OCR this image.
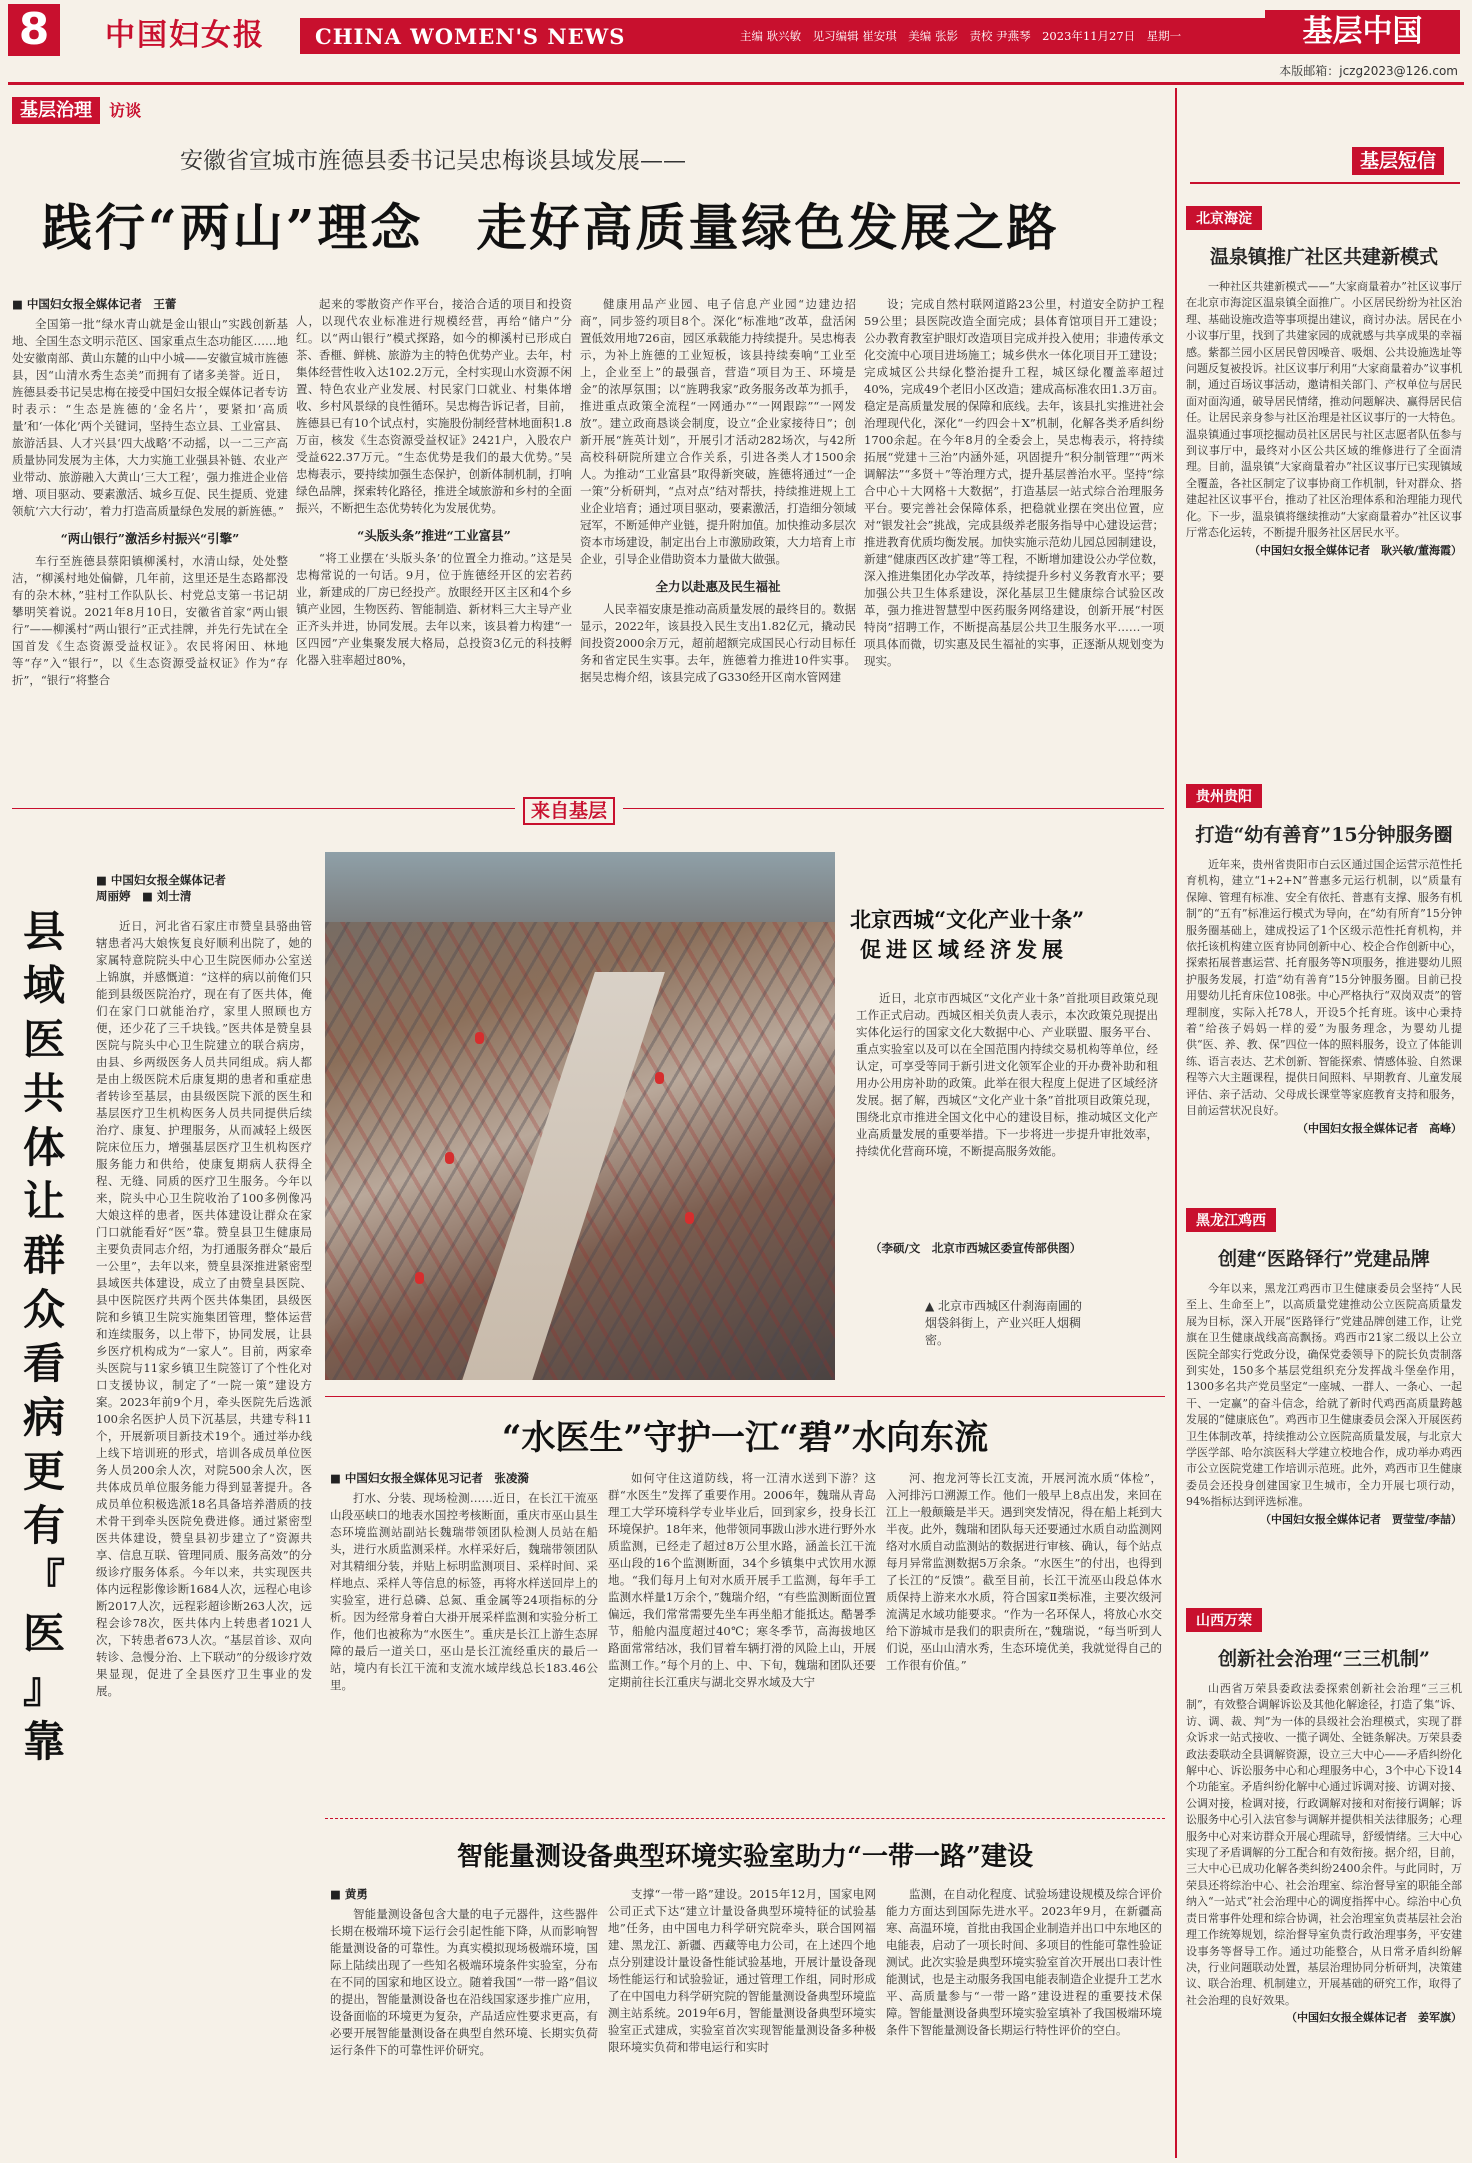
8	中国妇女报 CHINA WOMEN'S NEWS	主编 耿兴敏　见习编辑 崔安琪　美编 张影　责校 尹燕琴　2023年11月27日　星期一	基层中国
本版邮箱：jczg2023@126.com
基层治理 访谈
安徽省宣城市旌德县委书记吴忠梅谈县域发展——
践行“两山”理念　走好高质量绿色发展之路
■ 中国妇女报全媒体记者　王蕾

全国第一批“绿水青山就是金山银山”实践创新基地、全国生态文明示范区、国家重点生态功能区……地处安徽南部、黄山东麓的山中小城——安徽宣城市旌德县，因“山清水秀生态美”而拥有了诸多美誉。近日，旌德县委书记吴忠梅在接受中国妇女报全媒体记者专访时表示：“生态是旌德的‘金名片’，要紧扣‘高质量’和‘一体化’两个关键词，坚持生态立县、工业富县、旅游活县、人才兴县‘四大战略’不动摇，以一二三产高质量协同发展为主体，大力实施工业强县补链、农业产业带动、旅游融入大黄山‘三大工程’，强力推进企业倍增、项目驱动、要素激活、城乡互促、民生提质、党建领航‘六大行动’，着力打造高质量绿色发展的新旌德。”

“两山银行”激活乡村振兴“引擎”

车行至旌德县蔡阳镇柳溪村，水清山绿，处处整洁，“柳溪村地处偏僻，几年前，这里还是生态路都没有的杂木林，”驻村工作队队长、村党总支第一书记胡攀明笑着说。2021年8月10日，安徽省首家“两山银行”——柳溪村“两山银行”正式挂牌，并先行先试在全国首发《生态资源受益权证》。农民将闲田、林地等“存”入“银行”，以《生态资源受益权证》作为“存折”，“银行”将整合

起来的零散资产作平台，接洽合适的项目和投资人，以现代农业标准进行规模经营，再给“储户”分红。以“两山银行”模式探路，如今的柳溪村已形成白茶、香榧、鲜桃、旅游为主的特色优势产业。去年，村集体经营性收入达102.2万元，全村实现山水资源不闲置、特色农业产业发展、村民家门口就业、村集体增收、乡村风景绿的良性循环。吴忠梅告诉记者，目前，旌德县已有10个试点村，实施股份制经营林地面积1.8万亩，核发《生态资源受益权证》2421户，入股农户受益622.37万元。“生态优势是我们的最大优势。”吴忠梅表示，要持续加强生态保护，创新体制机制，打响绿色品牌，探索转化路径，推进全域旅游和乡村的全面振兴，不断把生态优势转化为发展优势。

“头版头条”推进“工业富县”

“将工业摆在‘头版头条’的位置全力推动。”这是吴忠梅常说的一句话。9月，位于旌德经开区的宏若药业，新建成的厂房已经投产。放眼经开区主区和4个乡镇产业园，生物医药、智能制造、新材料三大主导产业正齐头并进，协同发展。去年以来，该县着力构建“一区四园”产业集聚发展大格局，总投资3亿元的科技孵化器入驻率超过80%，

健康用品产业园、电子信息产业园“边建边招商”，同步签约项目8个。深化“标准地”改革，盘活闲置低效用地726亩，园区承载能力持续提升。吴忠梅表示，为补上旌德的工业短板，该县持续奏响“工业至上，企业至上”的最强音，营造“项目为王、环境是金”的浓厚氛围；以“旌聘我家”政务服务改革为抓手，推进重点政策全流程“一网通办”“一网跟踪”“一网发放”。建立政商恳谈会制度，设立“企业家接待日”；创新开展“旌英计划”，开展引才活动282场次，与42所高校科研院所建立合作关系，引进各类人才1500余人。为推动“工业富县”取得新突破，旌德将通过“一企一策”分析研判，“点对点”结对帮扶，持续推进规上工业企业培育；通过项目驱动，要素激活，打造细分领域冠军，不断延伸产业链，提升附加值。加快推动多层次资本市场建设，制定出台上市激励政策，大力培育上市企业，引导企业借助资本力量做大做强。

全力以赴惠及民生福祉

人民幸福安康是推动高质量发展的最终目的。数据显示，2022年，该县投入民生支出1.82亿元，撬动民间投资2000余万元，超前超额完成国民心行动目标任务和省定民生实事。去年，旌德着力推进10件实事。据吴忠梅介绍，该县完成了G330经开区南水管网建

设；完成自然村联网道路23公里，村道安全防护工程59公里；县医院改造全面完成；县体育馆项目开工建设；公办教育教室护眼灯改造项目完成并投入使用；非遗传承文化交流中心项目进场施工；城乡供水一体化项目开工建设；完成城区公共绿化整治提升工程，城区绿化覆盖率超过40%，完成49个老旧小区改造；建成高标准农田1.3万亩。稳定是高质量发展的保障和底线。去年，该县扎实推进社会治理现代化，深化“一约四会＋X”机制，化解各类矛盾纠纷1700余起。在今年8月的全委会上，吴忠梅表示，将持续拓展“党建＋三治”内涵外延，巩固提升“积分制管理”“两米调解法”“多贤＋”等治理方式，提升基层善治水平。坚持“综合中心＋大网格＋大数据”，打造基层一站式综合治理服务平台。要完善社会保障体系，把稳就业摆在突出位置，应对“银发社会”挑战，完成县级养老服务指导中心建设运营；推进教育优质均衡发展。加快实施示范幼儿园总园制建设，新建“健康西区改扩建”等工程，不断增加建设公办学位数，深入推进集团化办学改革，持续提升乡村义务教育水平；要加强公共卫生体系建设，深化基层卫生健康综合试验区改革，强力推进智慧型中医药服务网络建设，创新开展“村医特岗”招聘工作，不断提高基层公共卫生服务水平……一项项具体而微，切实惠及民生福祉的实事，正逐渐从规划变为现实。

来自基层
县
域
医
共
体
让
群
众
看
病
更
有
『
医
』
靠
■ 中国妇女报全媒体记者　周丽婷　■ 刘士清

近日，河北省石家庄市赞皇县骆曲管辖患者冯大娘恢复良好顺利出院了，她的家属特意院院头中心卫生院医师办公室送上锦旗，并感慨道：“这样的病以前俺们只能到县级医院治疗，现在有了医共体，俺们在家门口就能治疗，家里人照顾也方便，还少花了三千块钱。”医共体是赞皇县医院与院头中心卫生院建立的联合病房，由县、乡两级医务人员共同组成。病人都是由上级医院术后康复期的患者和重症患者转诊至基层，由县级医院下派的医生和基层医疗卫生机构医务人员共同提供后续治疗、康复、护理服务，从而减轻上级医院床位压力，增强基层医疗卫生机构医疗服务能力和供给，使康复期病人获得全程、无缝、同质的医疗卫生服务。今年以来，院头中心卫生院收治了100多例像冯大娘这样的患者，医共体建设让群众在家门口就能看好“医”靠。赞皇县卫生健康局主要负责同志介绍，为打通服务群众“最后一公里”，去年以来，赞皇县深推进紧密型县域医共体建设，成立了由赞皇县医院、县中医院医疗共两个医共体集团，县级医院和乡镇卫生院实施集团管理，整体运营和连续服务，以上带下，协同发展，让县乡医疗机构成为“一家人”。目前，两家牵头医院与11家乡镇卫生院签订了个性化对口支援协议，制定了“一院一策”建设方案。2023年前9个月，牵头医院先后选派100余名医护人员下沉基层，共建专科11个，开展新项目新技术19个。通过举办线上线下培训班的形式，培训各成员单位医务人员200余人次，对院500余人次，医共体成员单位服务能力得到显著提升。各成员单位积极选派18名具备培养潜质的技术骨干到牵头医院免费进修。通过紧密型医共体建设，赞皇县初步建立了“资源共享、信息互联、管理同质、服务高效”的分级诊疗服务体系。今年以来，共实现医共体内远程影像诊断1684人次，远程心电诊断2017人次，远程彩超诊断263人次，远程会诊78次，医共体内上转患者1021人次，下转患者673人次。“基层首诊、双向转诊、急慢分治、上下联动”的分级诊疗效果显现，促进了全县医疗卫生事业的发展。

北京西城“文化产业十条”
促进区域经济发展

近日，北京市西城区“文化产业十条”首批项目政策兑现工作正式启动。西城区相关负责人表示，本次政策兑现提出实体化运行的国家文化大数据中心、产业联盟、服务平台、重点实验室以及可以在全国范围内持续交易机构等单位，经认定，可享受等同于新引进文化领军企业的开办费补助和租用办公用房补助的政策。此举在很大程度上促进了区域经济发展。据了解，西城区“文化产业十条”首批项目政策兑现，围绕北京市推进全国文化中心的建设目标，推动城区文化产业高质量发展的重要举措。下一步将进一步提升审批效率，持续优化营商环境，不断提高服务效能。

（李硕/文　北京市西城区委宣传部供图）
▲ 北京市西城区什刹海南圃的烟袋斜街上，产业兴旺人烟稠密。
“水医生”守护一江“碧”水向东流
■ 中国妇女报全媒体见习记者　张凌漪

打水、分装、现场检测……近日，在长江干流巫山段巫峡口的地表水国控考核断面，重庆市巫山县生态环境监测站副站长魏瑞带领团队检测人员站在船头，进行水质监测采样。水样采好后，魏瑞带领团队对其精细分装，并贴上标明监测项目、采样时间、采样地点、采样人等信息的标签，再将水样送回岸上的实验室，进行总磷、总氮、重金属等24项指标的分析。因为经常身着白大褂开展采样监测和实验分析工作，他们也被称为“水医生”。重庆是长江上游生态屏障的最后一道关口，巫山是长江流经重庆的最后一站，境内有长江干流和支流水域岸线总长183.46公里。

如何守住这道防线，将一江清水送到下游？这群“水医生”发挥了重要作用。2006年，魏瑞从青岛理工大学环境科学专业毕业后，回到家乡，投身长江环境保护。18年来，他带领同事跋山涉水进行野外水质监测，已经走了超过8万公里水路，涵盖长江干流巫山段的16个监测断面，34个乡镇集中式饮用水源地。“我们每月上旬对水质开展手工监测，每年手工监测水样量1万余个，”魏瑞介绍，“有些监测断面位置偏远，我们常常需要先坐车再坐船才能抵达。酷暑季节，船舱内温度超过40℃；寒冬季节，高海拔地区路面常常结冰，我们冒着车辆打滑的风险上山，开展监测工作。”每个月的上、中、下旬，魏瑞和团队还要定期前往长江重庆与湖北交界水域及大宁

河、抱龙河等长江支流，开展河流水质“体检”，入河排污口溯源工作。他们一般早上8点出发，来回在江上一般颠簸是半天。遇到突发情况，得在船上耗到大半夜。此外，魏瑞和团队每天还要通过水质自动监测网络对水质自动监测站的数据进行审核、确认，每个站点每月异常监测数据5万余条。“水医生”的付出，也得到了长江的“反馈”。截至目前，长江干流巫山段总体水质保持上游来水水质，符合国家Ⅱ类标准，主要次级河流满足水域功能要求。“作为一名环保人，将放心水交给下游城市是我们的职责所在，”魏瑞说，“每当听到人们说，巫山山清水秀，生态环境优美，我就觉得自己的工作很有价值。”

智能量测设备典型环境实验室助力“一带一路”建设
■ 黄勇

智能量测设备包含大量的电子元器件，这些器件长期在极端环境下运行会引起性能下降，从而影响智能量测设备的可靠性。为真实模拟现场极端环境，国际上陆续出现了一些知名极端环境条件实验室，分布在不同的国家和地区设立。随着我国“一带一路”倡议的提出，智能量测设备也在沿线国家逐步推广应用，设备面临的环境更为复杂，产品适应性要求更高，有必要开展智能量测设备在典型自然环境、长期实负荷运行条件下的可靠性评价研究。

支撑“一带一路”建设。2015年12月，国家电网公司正式下达“建立计量设备典型环境特征的试验基地”任务，由中国电力科学研究院牵头，联合国网福建、黑龙江、新疆、西藏等电力公司，在上述四个地点分别建设计量设备性能试验基地，开展计量设备现场性能运行和试验验证，通过管理工作组，同时形成了在中国电力科学研究院的智能量测设备典型环境监测主站系统。2019年6月，智能量测设备典型环境实验室正式建成，实验室首次实现智能量测设备多种极限环境实负荷和带电运行和实时

监测，在自动化程度、试验场建设规模及综合评价能力方面达到国际先进水平。2023年9月，在新疆高寒、高温环境，首批由我国企业制造并出口中东地区的电能表，启动了一项长时间、多项目的性能可靠性验证测试。此次实验是典型环境实验室首次开展出口表计性能测试，也是主动服务我国电能表制造企业提升工艺水平、高质量参与“一带一路”建设进程的重要技术保障。智能量测设备典型环境实验室填补了我国极端环境条件下智能量测设备长期运行特性评价的空白。

基层短信
北京海淀
温泉镇推广社区共建新模式

一种社区共建新模式——“大家商量着办”社区议事厅在北京市海淀区温泉镇全面推广。小区居民纷纷为社区治理、基础设施改造等事项提出建议，商讨办法。居民在小小议事厅里，找到了共建家园的成就感与共享成果的幸福感。紫都兰园小区居民曾因噪音、吸烟、公共设施选址等问题反复被投诉。社区议事厅利用“大家商量着办”议事机制，通过百场议事活动，邀请相关部门、产权单位与居民面对面沟通，破导居民情绪，推动问题解决、赢得居民信任。让居民亲身参与社区治理是社区议事厅的一大特色。温泉镇通过事项挖掘动员社区居民与社区志愿者队伍参与到议事厅中，最终对小区公共区域的维修进行了全面清理。目前，温泉镇“大家商量着办”社区议事厅已实现镇域全覆盖，各社区制定了议事协商工作机制，针对群众、搭建起社区议事平台，推动了社区治理体系和治理能力现代化。下一步，温泉镇将继续推动“大家商量着办”社区议事厅常态化运转，不断提升服务社区居民水平。

（中国妇女报全媒体记者　耿兴敏/董海霞）
贵州贵阳
打造“幼有善育”15分钟服务圈

近年来，贵州省贵阳市白云区通过国企运营示范性托育机构，建立“1+2+N”普惠多元运行机制，以“质量有保障、管理有标准、安全有依托、普惠有支撑、服务有机制”的“五有”标准运行模式为导向，在“幼有所育”15分钟服务圈基础上，建成投运了1个区级示范性托育机构，并依托该机构建立医育协同创新中心、校企合作创新中心，探索拓展普惠运营、托育服务等N项服务，推进婴幼儿照护服务发展，打造“幼有善育”15分钟服务圈。目前已投用婴幼儿托育床位108张。中心严格执行“双岗双责”的管理制度，实际入托78人，开设5个托育班。该中心秉持着“给孩子妈妈一样的爱”为服务理念，为婴幼儿提供“医、养、教、保”四位一体的照料服务，设立了体能训练、语言表达、艺术创新、智能探索、情感体验、自然课程等六大主题课程，提供日间照料、早期教育、儿童发展评估、亲子活动、父母成长课堂等家庭教育支持和服务，目前运营状况良好。

（中国妇女报全媒体记者　高峰）
黑龙江鸡西
创建“医路铎行”党建品牌

今年以来，黑龙江鸡西市卫生健康委员会坚持“人民至上、生命至上”，以高质量党建推动公立医院高质量发展为目标，深入开展“医路铎行”党建品牌创建工作，让党旗在卫生健康战线高高飘扬。鸡西市21家二级以上公立医院全部实行党政分设，确保党委领导下的院长负责制落到实处，150多个基层党组织充分发挥战斗堡垒作用，1300多名共产党员坚定“一座城、一群人、一条心、一起干、一定赢”的奋斗信念，给就了新时代鸡西高质量跨越发展的“健康底色”。鸡西市卫生健康委员会深入开展医药卫生体制改革，持续推动公立医院高质量发展，与北京大学医学部、哈尔滨医科大学建立校地合作，成功举办鸡西市公立医院党建工作培训示范班。此外，鸡西市卫生健康委员会还投身创建国家卫生城市，全力开展七项行动，94%指标达到评选标准。

（中国妇女报全媒体记者　贾莹莹/李喆）
山西万荣
创新社会治理“三三机制”

山西省万荣县委政法委探索创新社会治理“三三机制”，有效整合调解诉讼及其他化解途径，打造了集“诉、访、调、裁、判”为一体的县级社会治理模式，实现了群众诉求一站式接收、一揽子调处、全链条解决。万荣县委政法委联动全县调解资源，设立三大中心——矛盾纠纷化解中心、诉讼服务中心和心理服务中心，3个中心下设14个功能室。矛盾纠纷化解中心通过诉调对接、访调对接、公调对接，检调对接，行政调解对接和对衔接行调解；诉讼服务中心引入法官参与调解并提供相关法律服务；心理服务中心对来访群众开展心理疏导，舒缓情绪。三大中心实现了矛盾调解的分工配合和有效衔接。据介绍，目前，三大中心已成功化解各类纠纷2400余件。与此同时，万荣县还将综治中心、社会治理室、综治督导室的职能全部纳入“一站式”社会治理中心的调度指挥中心。综治中心负责日常事件处理和综合协调，社会治理室负责基层社会治理工作统筹规划，综治督导室负责行政治理事务，平安建设事务等督导工作。通过功能整合，从日常矛盾纠纷解决，行业问题联动处置，基层治理协同分析研判，决策建议、联合治理、机制建立，开展基础的研究工作，取得了社会治理的良好效果。

（中国妇女报全媒体记者　姜军旗）
